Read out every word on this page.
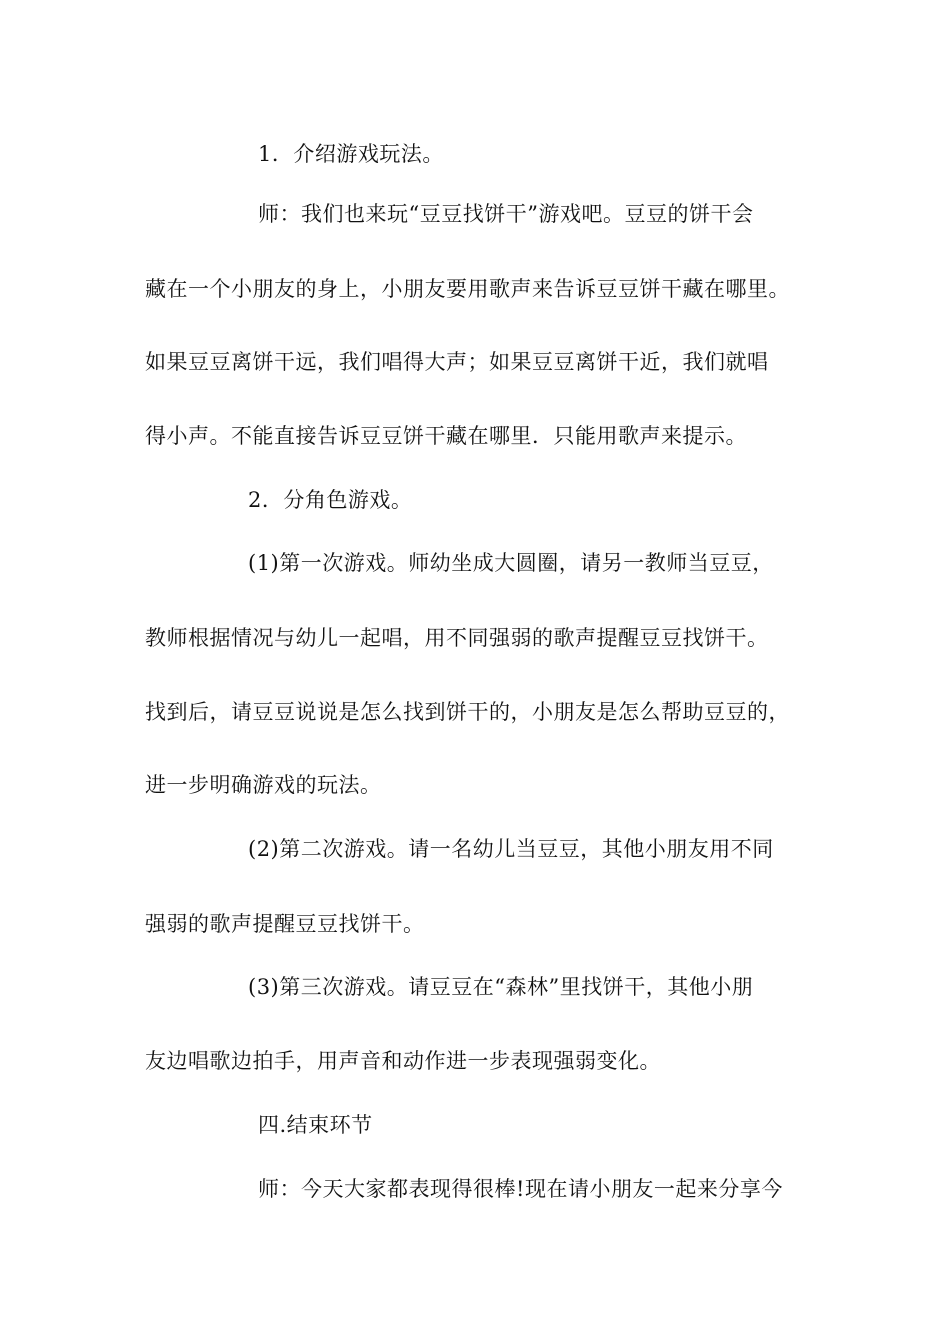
1．介绍游戏玩法。
师：我们也来玩“豆豆找饼干”游戏吧。豆豆的饼干会
藏在一个小朋友的身上，小朋友要用歌声来告诉豆豆饼干藏在哪里。
如果豆豆离饼干远，我们唱得大声；如果豆豆离饼干近，我们就唱
得小声。不能直接告诉豆豆饼干藏在哪里．只能用歌声来提示。
2．分角色游戏。
(1)第一次游戏。师幼坐成大圆圈，请另一教师当豆豆，
教师根据情况与幼儿一起唱，用不同强弱的歌声提醒豆豆找饼干。
找到后，请豆豆说说是怎么找到饼干的，小朋友是怎么帮助豆豆的，
进一步明确游戏的玩法。
(2)第二次游戏。请一名幼儿当豆豆，其他小朋友用不同
强弱的歌声提醒豆豆找饼干。
(3)第三次游戏。请豆豆在“森林”里找饼干，其他小朋
友边唱歌边拍手，用声音和动作进一步表现强弱变化。
四.结束环节
师：今天大家都表现得很棒!现在请小朋友一起来分享今
